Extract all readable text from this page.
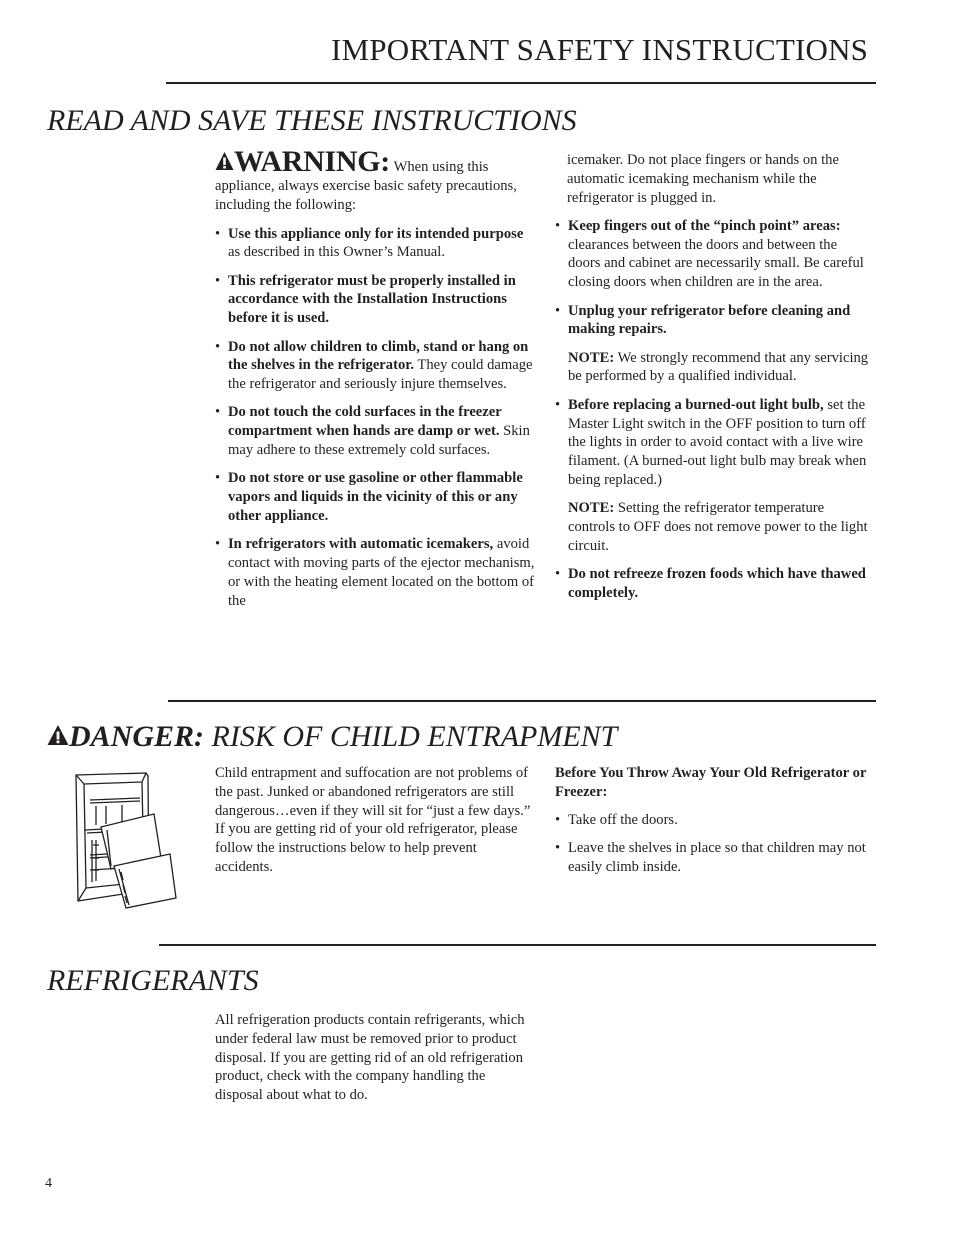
IMPORTANT SAFETY INSTRUCTIONS
READ AND SAVE THESE INSTRUCTIONS

WARNING: When using this appliance, always exercise basic safety precautions, including the following:

• Use this appliance only for its intended purpose as described in this Owner’s Manual.
• This refrigerator must be properly installed in accordance with the Installation Instructions before it is used.
• Do not allow children to climb, stand or hang on the shelves in the refrigerator. They could damage the refrigerator and seriously injure themselves.
• Do not touch the cold surfaces in the freezer compartment when hands are damp or wet. Skin may adhere to these extremely cold surfaces.
• Do not store or use gasoline or other flammable vapors and liquids in the vicinity of this or any other appliance.
• In refrigerators with automatic icemakers, avoid contact with moving parts of the ejector mechanism, or with the heating element located on the bottom of the

icemaker. Do not place fingers or hands on the automatic icemaking mechanism while the refrigerator is plugged in.

• Keep fingers out of the “pinch point” areas: clearances between the doors and between the doors and cabinet are necessarily small. Be careful closing doors when children are in the area.
• Unplug your refrigerator before cleaning and making repairs.
NOTE: We strongly recommend that any servicing be performed by a qualified individual.
• Before replacing a burned-out light bulb, set the Master Light switch in the OFF position to turn off the lights in order to avoid contact with a live wire filament. (A burned-out light bulb may break when being replaced.)
NOTE: Setting the refrigerator temperature controls to OFF does not remove power to the light circuit.
• Do not refreeze frozen foods which have thawed completely.
DANGER: RISK OF CHILD ENTRAPMENT

Child entrapment and suffocation are not problems of the past. Junked or abandoned refrigerators are still dangerous…even if they will sit for “just a few days.” If you are getting rid of your old refrigerator, please follow the instructions below to help prevent accidents.

Before You Throw Away Your Old Refrigerator or Freezer:

• Take off the doors.
• Leave the shelves in place so that children may not easily climb inside.
REFRIGERANTS

All refrigeration products contain refrigerants, which under federal law must be removed prior to product disposal. If you are getting rid of an old refrigeration product, check with the company handling the disposal about what to do.

4
